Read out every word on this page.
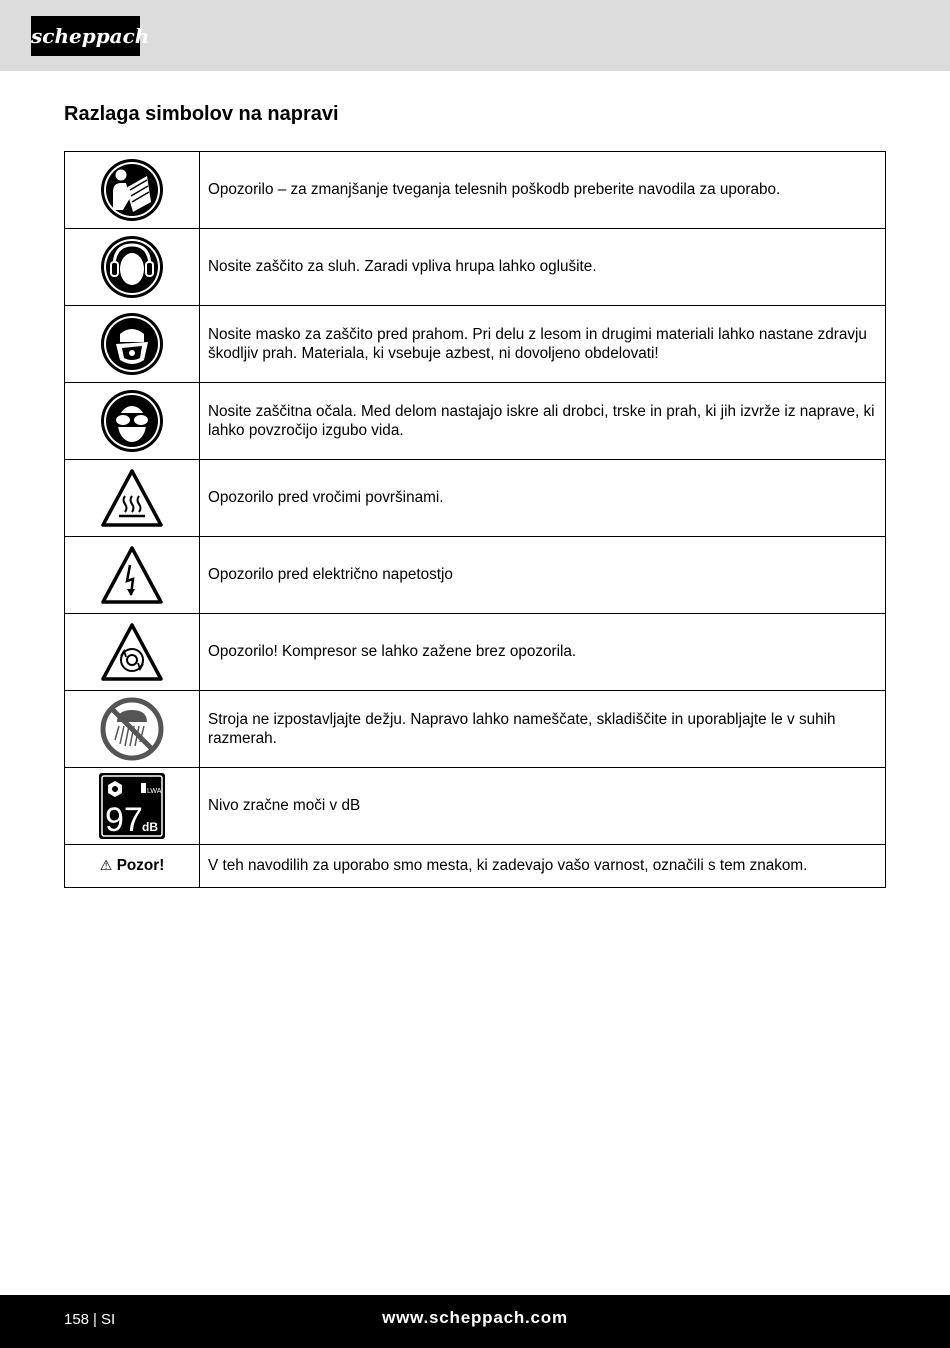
scheppach
Razlaga simbolov na napravi
	Opozorilo – za zmanjšanje tveganja telesnih poškodb preberite navodila za uporabo.

	Nosite zaščito za sluh. Zaradi vpliva hrupa lahko oglušite.

	Nosite masko za zaščito pred prahom. Pri delu z lesom in drugimi materiali lahko nastane zdravju škodljiv prah. Materiala, ki vsebuje azbest, ni dovoljeno obdelovati!

	Nosite zaščitna očala. Med delom nastajajo iskre ali drobci, trske in prah, ki jih izvrže iz naprave, ki lahko povzročijo izgubo vida.

	Opozorilo pred vročimi površinami.

	Opozorilo pred električno napetostjo

	Opozorilo! Kompresor se lahko zažene brez opozorila.

	Stroja ne izpostavljajte dežju. Napravo lahko nameščate, skladiščite in uporabljajte le v suhih razmerah.

LWA
97 dB	Nivo zračne moči v dB
⚠ Pozor!	V teh navodilih za uporabo smo mesta, ki zadevajo vašo varnost, označili s tem znakom.
158 | SI	www.scheppach.com
